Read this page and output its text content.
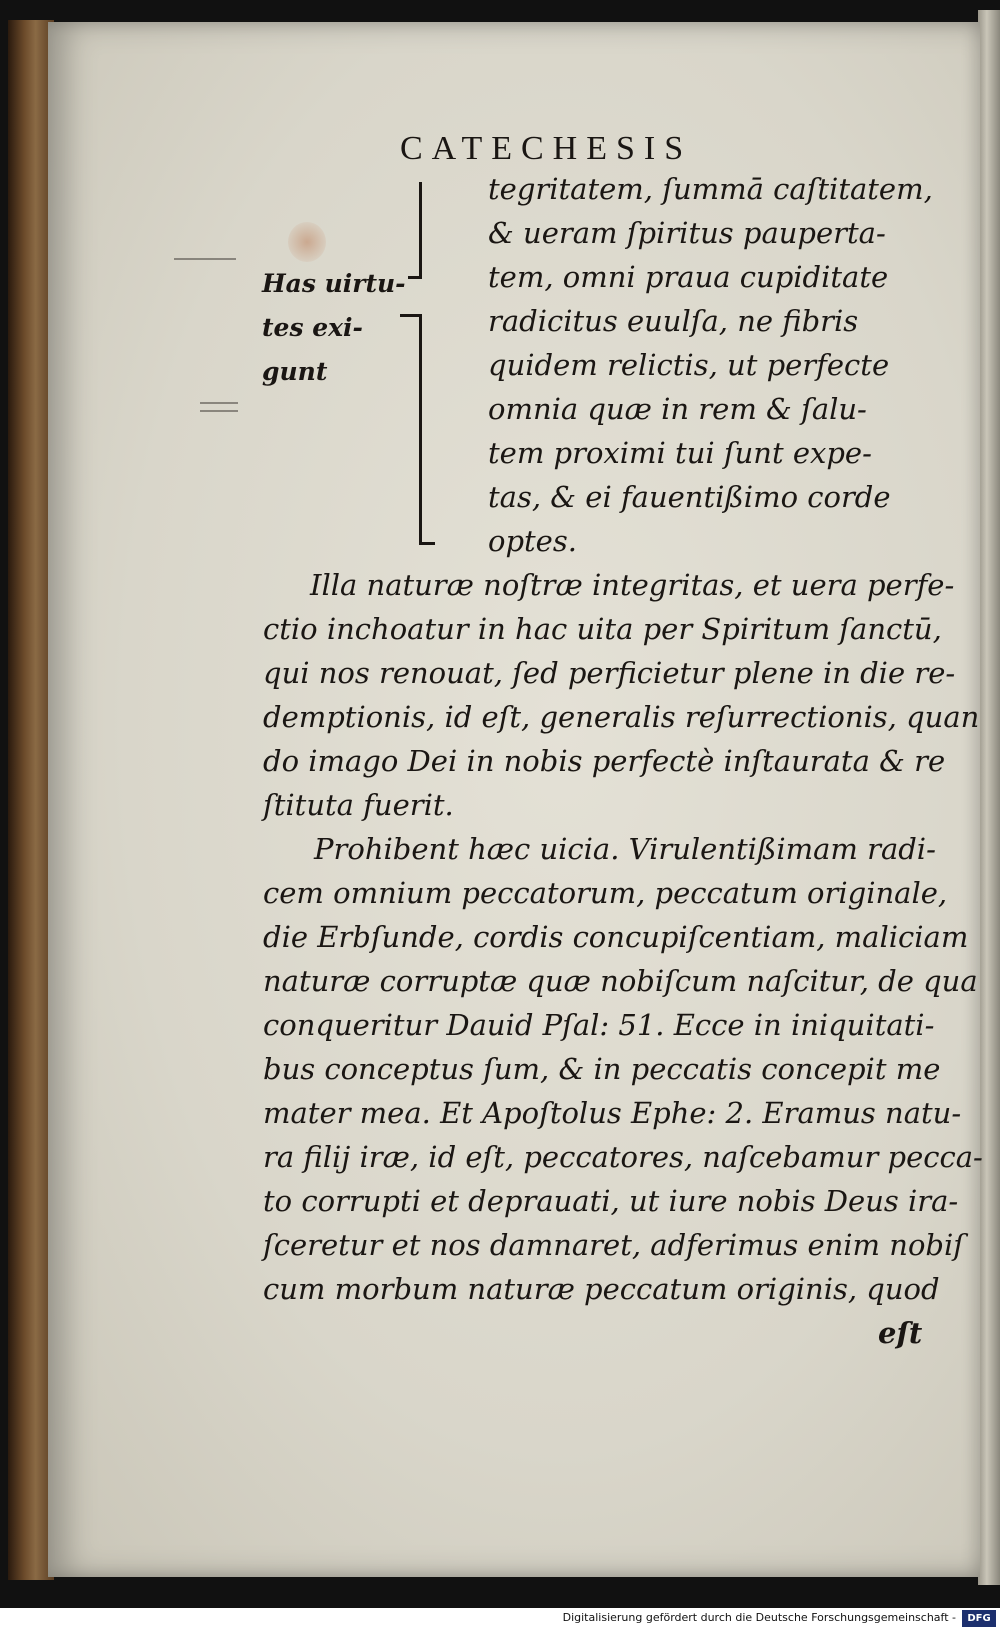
CATECHESIS

Has uirtu-
tes exi-
gunt

tegritatem, ſummā caſtitatem,

& ueram ſpiritus pauperta-

tem, omni praua cupiditate

radicitus euulſa, ne fibris

quidem relictis, ut perfecte

omnia quæ in rem & ſalu-

tem proximi tui ſunt expe-

tas, & ei fauentißimo corde

optes.

Illa naturæ noſtræ integritas, et uera perfe-

ctio inchoatur in hac uita per Spiritum ſanctū,

qui nos renouat, ſed perficietur plene in die re-

demptionis, id eſt, generalis reſurrectionis, quan

do imago Dei in nobis perfectè inſtaurata & re

ſtituta fuerit.

Prohibent hæc uicia. Virulentißimam radi-

cem omnium peccatorum, peccatum originale,

die Erbſunde, cordis concupiſcentiam, maliciam

naturæ corruptæ quæ nobiſcum naſcitur, de qua

conqueritur Dauid Pſal: 51. Ecce in iniquitati-

bus conceptus ſum, & in peccatis concepit me

mater mea. Et Apoſtolus Ephe: 2. Eramus natu-

ra filij iræ, id eſt, peccatores, naſcebamur pecca-

to corrupti et deprauati, ut iure nobis Deus ira-

ſceretur et nos damnaret, adferimus enim nobiſ

cum morbum naturæ peccatum originis, quod

eſt

Digitalisierung gefördert durch die Deutsche Forschungsgemeinschaft -	DFG
